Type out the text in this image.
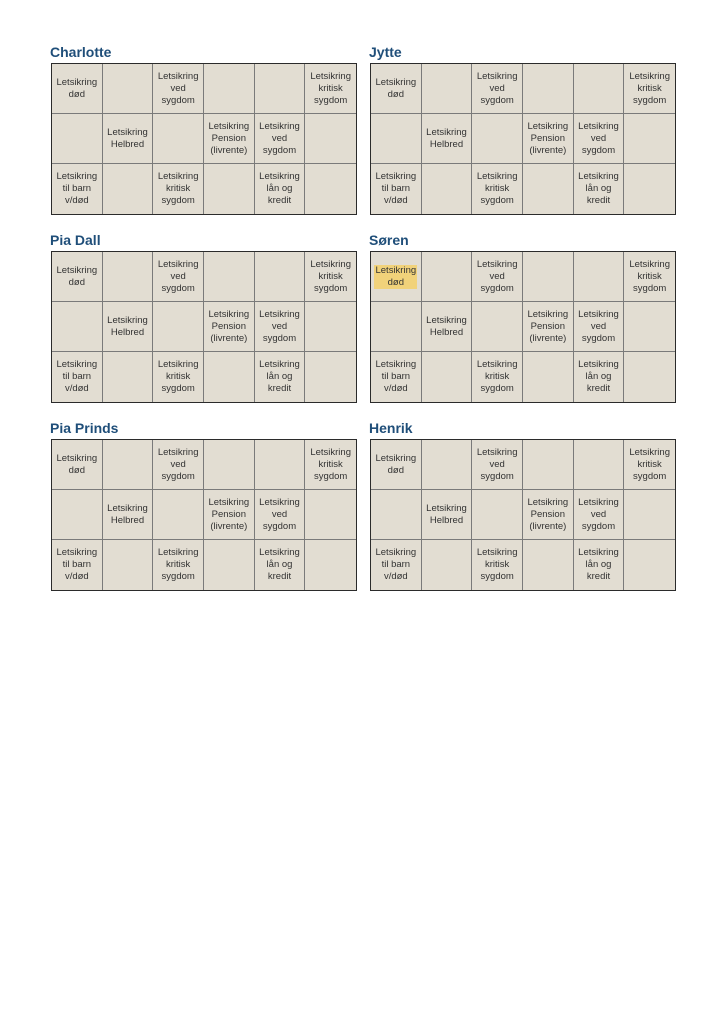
Charlotte
Letsikring
død
Letsikring
ved
sygdom
Letsikring
kritisk
sygdom
Letsikring
Helbred
Letsikring
Pension
(livrente)
Letsikring
ved
sygdom
Letsikring
til barn
v/død
Letsikring
kritisk
sygdom
Letsikring
lån og
kredit
Jytte
Letsikring
død
Letsikring
ved
sygdom
Letsikring
kritisk
sygdom
Letsikring
Helbred
Letsikring
Pension
(livrente)
Letsikring
ved
sygdom
Letsikring
til barn
v/død
Letsikring
kritisk
sygdom
Letsikring
lån og
kredit
Pia Dall
Letsikring
død
Letsikring
ved
sygdom
Letsikring
kritisk
sygdom
Letsikring
Helbred
Letsikring
Pension
(livrente)
Letsikring
ved
sygdom
Letsikring
til barn
v/død
Letsikring
kritisk
sygdom
Letsikring
lån og
kredit
Søren
Letsikring
død
Letsikring
ved
sygdom
Letsikring
kritisk
sygdom
Letsikring
Helbred
Letsikring
Pension
(livrente)
Letsikring
ved
sygdom
Letsikring
til barn
v/død
Letsikring
kritisk
sygdom
Letsikring
lån og
kredit
Pia Prinds
Letsikring
død
Letsikring
ved
sygdom
Letsikring
kritisk
sygdom
Letsikring
Helbred
Letsikring
Pension
(livrente)
Letsikring
ved
sygdom
Letsikring
til barn
v/død
Letsikring
kritisk
sygdom
Letsikring
lån og
kredit
Henrik
Letsikring
død
Letsikring
ved
sygdom
Letsikring
kritisk
sygdom
Letsikring
Helbred
Letsikring
Pension
(livrente)
Letsikring
ved
sygdom
Letsikring
til barn
v/død
Letsikring
kritisk
sygdom
Letsikring
lån og
kredit
